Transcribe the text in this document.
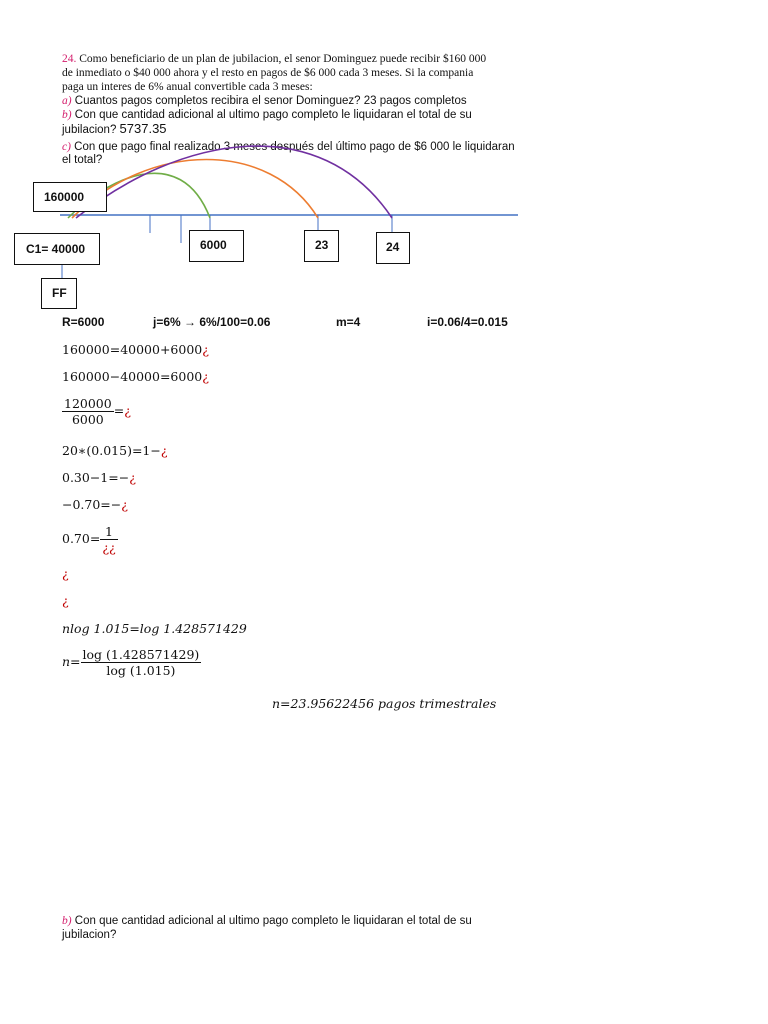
24. Como beneficiario de un plan de jubilacion, el senor Dominguez puede recibir $160 000
de inmediato o $40 000 ahora y el resto en pagos de $6 000 cada 3 meses. Si la compania
paga un interes de 6% anual convertible cada 3 meses:
a) Cuantos pagos completos recibira el senor Dominguez? 23 pagos completos
b) Con que cantidad adicional al ultimo pago completo le liquidaran el total de su
jubilacion? 5737.35
c) Con que pago final realizado 3 meses después del último pago de $6 000 le liquidaran
el total?
160000
C1= 40000
FF
6000	23	24
R=6000	j=6% → 6%/100=0.06	m=4	i=0.06/4=0.015
160000=40000+6000¿
160000−40000=6000¿
$\frac{120000}{6000}$ =¿
20∗(0.015)=1−¿
0.30−1=−¿
−0.70=−¿
$0.70= \frac{1}{¿¿}$
¿
¿
nlog 1.015=log 1.428571429
$n= \frac{\log (1.428571429)}{\log (1.015)}$
n=23.95622456 pagos trimestrales
b) Con que cantidad adicional al ultimo pago completo le liquidaran el total de su
jubilacion?
